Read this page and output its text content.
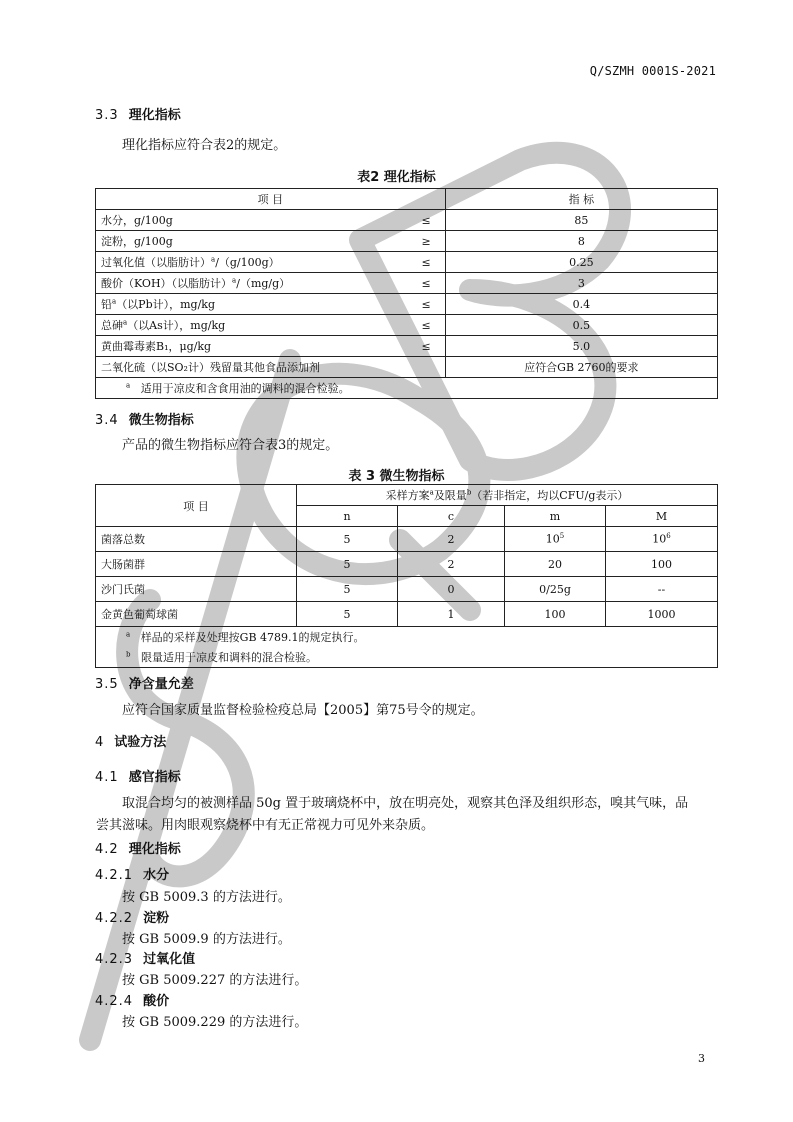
Q/SZMH 0001S-2021
3.3 理化指标
理化指标应符合表2的规定。
表2 理化指标
项 目		指 标
水分，g/100g	≤	85
淀粉，g/100g	≥	8
过氧化值（以脂肪计）$^a$/（g/100g）	≤	0.25
酸价（KOH）（以脂肪计）$^a$/（mg/g）	≤	3
铅$^a$（以Pb计），mg/kg	≤	0.4
总砷$^a$（以As计），mg/kg	≤	0.5
黄曲霉毒素B₁，μg/kg	≤	5.0
二氧化硫（以SO₂计）残留量其他食品添加剂		应符合GB 2760的要求
$^a$ 适用于凉皮和含食用油的调料的混合检验。		
3.4 微生物指标
产品的微生物指标应符合表3的规定。
表 3 微生物指标
项 目	采样方案$^a$及限量$^b$（若非指定，均以CFU/g表示）			
	n	c	m	M
菌落总数	5	2	$10^5$	$10^6$
大肠菌群	5	2	20	100
沙门氏菌	5	0	0/25g	--
金黄色葡萄球菌	5	1	100	1000
$^a$ 样品的采样及处理按GB 4789.1的规定执行。				
$^b$ 限量适用于凉皮和调料的混合检验。				
3.5 净含量允差
应符合国家质量监督检验检疫总局【2005】第75号令的规定。
4 试验方法
4.1 感官指标
取混合均匀的被测样品 50g 置于玻璃烧杯中，放在明亮处，观察其色泽及组织形态，嗅其气味，品
尝其滋味。用肉眼观察烧杯中有无正常视力可见外来杂质。
4.2 理化指标
4.2.1 水分
按 GB 5009.3 的方法进行。
4.2.2 淀粉
按 GB 5009.9 的方法进行。
4.2.3 过氧化值
按 GB 5009.227 的方法进行。
4.2.4 酸价
按 GB 5009.229 的方法进行。
3
